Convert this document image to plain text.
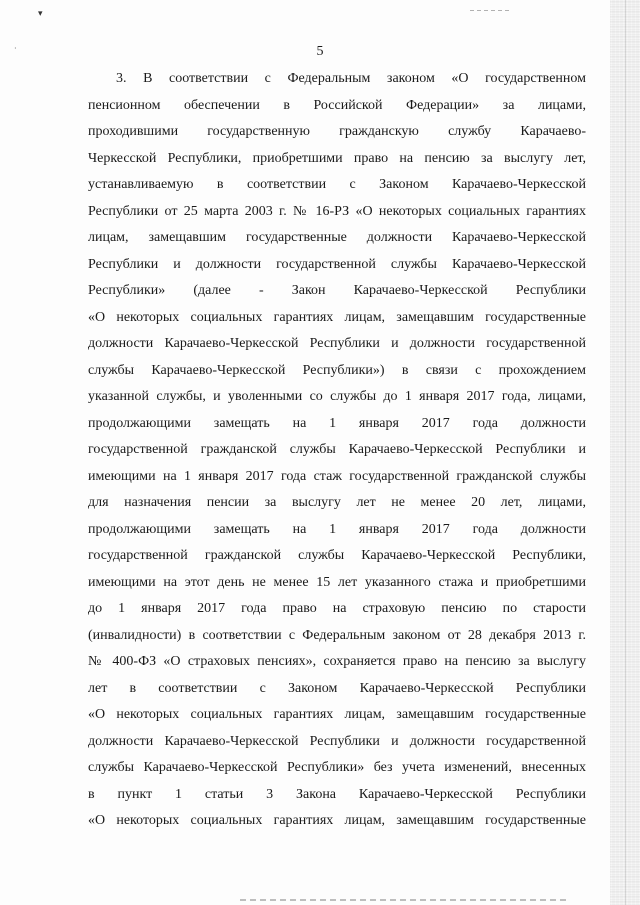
▾
·	5
3. В соответствии с Федеральным законом «О государственном
пенсионном обеспечении в Российской Федерации» за лицами,
проходившими государственную гражданскую службу Карачаево-
Черкесской Республики, приобретшими право на пенсию за выслугу лет,
устанавливаемую в соответствии с Законом Карачаево-Черкесской
Республики от 25 марта 2003 г. № 16-РЗ «О некоторых социальных гарантиях
лицам, замещавшим государственные должности Карачаево-Черкесской
Республики и должности государственной службы Карачаево-Черкесской
Республики» (далее - Закон Карачаево-Черкесской Республики
«О некоторых социальных гарантиях лицам, замещавшим государственные
должности Карачаево-Черкесской Республики и должности государственной
службы Карачаево-Черкесской Республики») в связи с прохождением
указанной службы, и уволенными со службы до 1 января 2017 года, лицами,
продолжающими замещать на 1 января 2017 года должности
государственной гражданской службы Карачаево-Черкесской Республики и
имеющими на 1 января 2017 года стаж государственной гражданской службы
для назначения пенсии за выслугу лет не менее 20 лет, лицами,
продолжающими замещать на 1 января 2017 года должности
государственной гражданской службы Карачаево-Черкесской Республики,
имеющими на этот день не менее 15 лет указанного стажа и приобретшими
до 1 января 2017 года право на страховую пенсию по старости
(инвалидности) в соответствии с Федеральным законом от 28 декабря 2013 г.
№ 400-ФЗ «О страховых пенсиях», сохраняется право на пенсию за выслугу
лет в соответствии с Законом Карачаево-Черкесской Республики
«О некоторых социальных гарантиях лицам, замещавшим государственные
должности Карачаево-Черкесской Республики и должности государственной
службы Карачаево-Черкесской Республики» без учета изменений, внесенных
в пункт 1 статьи 3 Закона Карачаево-Черкесской Республики
«О некоторых социальных гарантиях лицам, замещавшим государственные
